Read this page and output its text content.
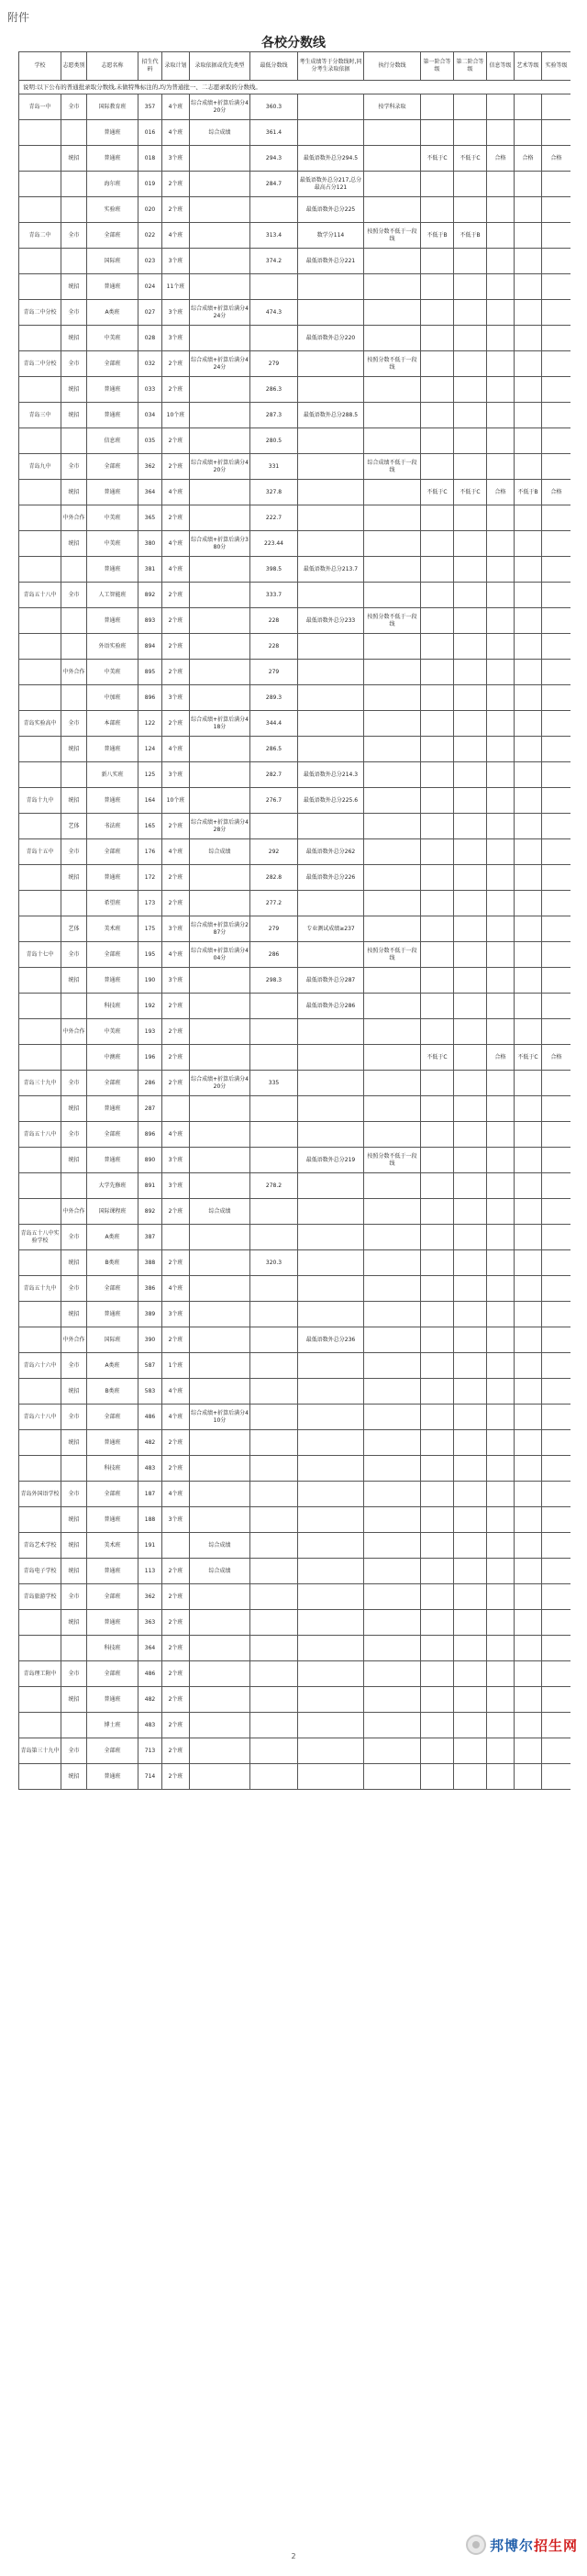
附件
各校分数线
学校	志愿类别	志愿名称	招生代码	录取计划	录取依据或优先类型	最低分数线	考生成绩等于分数线时,同分考生录取依据	执行分数线	第一阶合等级	第二阶合等级	信息等级	艺术等级	实验等级
说明:以下公布的普通批录取分数线,未做特殊标注的,均为普通批一、二志愿录取的分数线。													
青岛一中	全市	国际教育班	357	4个班	综合成绩+折算后满分420分	360.3		按学科录取					
		普通班	016	4个班	综合成绩	361.4							
	统招	普通班	018	3个班		294.3	最低语数外总分294.5		不低于C	不低于C	合格	合格	合格
		海尔班	019	2个班		284.7	最低语数外总分217,总分最高占分121						
		实验班	020	2个班			最低语数外总分225						
青岛二中	全市	全部班	022	4个班		313.4	数学分114	按照分数不低于一段线	不低于B	不低于B			
		国际班	023	3个班		374.2	最低语数外总分221						
	统招	普通班	024	11个班									
青岛二中分校	全市	A类班	027	3个班	综合成绩+折算后满分424分	474.3							
	统招	中美班	028	3个班			最低语数外总分220						
青岛二中分校	全市	全部班	032	2个班	综合成绩+折算后满分424分	279		按照分数不低于一段线					
	统招	普通班	033	2个班		286.3							
青岛三中	统招	普通班	034	10个班		287.3	最低语数外总分288.5						
		信息班	035	2个班		280.5							
青岛九中	全市	全部班	362	2个班	综合成绩+折算后满分420分	331		综合成绩不低于一段线					
	统招	普通班	364	4个班		327.8			不低于C	不低于C	合格	不低于B	合格
	中外合作	中美班	365	2个班		222.7							
	统招	中美班	380	4个班	综合成绩+折算后满分380分	223.44							
		普通班	381	4个班		398.5	最低语数外总分213.7						
青岛五十八中	全市	人工智能班	892	2个班		333.7							
		普通班	893	2个班		228	最低语数外总分233	按照分数不低于一段线					
		外语实验班	894	2个班		228							
	中外合作	中美班	895	2个班		279							
		中加班	896	3个班		289.3							
青岛实验高中	全市	本部班	122	2个班	综合成绩+折算后满分418分	344.4							
	统招	普通班	124	4个班		286.5							
		新八实班	125	3个班		282.7	最低语数外总分214.3						
青岛十九中	统招	普通班	164	10个班		276.7	最低语数外总分225.6						
	艺体	书法班	165	2个班	综合成绩+折算后满分428分								
青岛十五中	全市	全部班	176	4个班	综合成绩	292	最低语数外总分262						
	统招	普通班	172	2个班		282.8	最低语数外总分226						
		希望班	173	2个班		277.2							
	艺体	美术班	175	3个班	综合成绩+折算后满分287分	279	专业测试成绩≥237						
青岛十七中	全市	全部班	195	4个班	综合成绩+折算后满分404分	286		按照分数不低于一段线					
	统招	普通班	190	3个班		298.3	最低语数外总分287						
		科技班	192	2个班			最低语数外总分286						
	中外合作	中美班	193	2个班									
		中澳班	196	2个班					不低于C		合格	不低于C	合格
青岛三十九中	全市	全部班	286	2个班	综合成绩+折算后满分420分	335							
	统招	普通班	287										
青岛五十八中	全市	全部班	896	4个班									
	统招	普通班	890	3个班			最低语数外总分219	按照分数不低于一段线					
		大学先修班	891	3个班		278.2							
	中外合作	国际课程班	892	2个班	综合成绩								
青岛五十八中实验学校	全市	A类班	387										
	统招	B类班	388	2个班		320.3							
青岛五十九中	全市	全部班	386	4个班									
	统招	普通班	389	3个班									
	中外合作	国际班	390	2个班			最低语数外总分236						
青岛六十六中	全市	A类班	587	1个班									
	统招	B类班	583	4个班									
青岛六十八中	全市	全部班	486	4个班	综合成绩+折算后满分410分								
	统招	普通班	482	2个班									
		科技班	483	2个班									
青岛外国语学校	全市	全部班	187	4个班									
	统招	普通班	188	3个班									
青岛艺术学校	统招	美术班	191		综合成绩								
青岛电子学校	统招	普通班	113	2个班	综合成绩								
青岛旅游学校	全市	全部班	362	2个班									
	统招	普通班	363	2个班									
		科技班	364	2个班									
青岛理工附中	全市	全部班	486	2个班									
	统招	普通班	482	2个班									
		博士班	483	2个班									
青岛第三十九中	全市	全部班	713	2个班									
	统招	普通班	714	2个班									
2
邦博尔招生网
